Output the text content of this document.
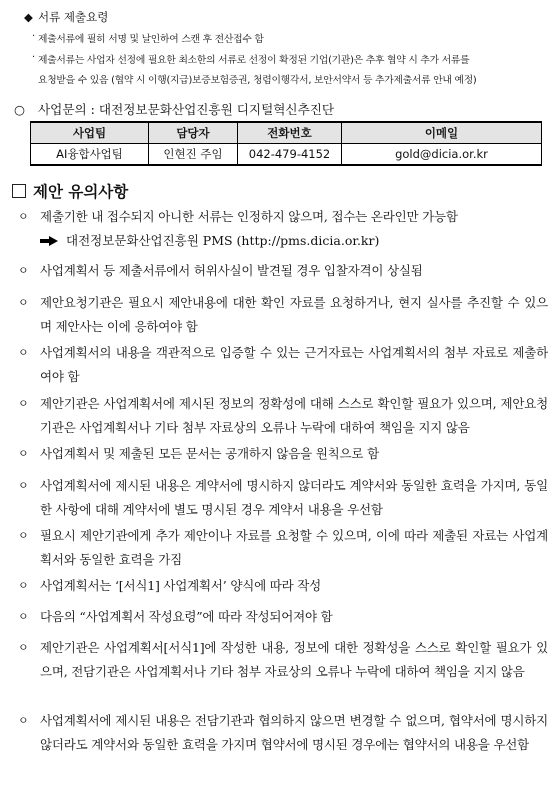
◆ 서류 제출요령
· 제출서류에 필히 서명 및 날인하여 스캔 후 전산접수 함
· 제출서류는 사업자 선정에 필요한 최소한의 서류로 선정이 확정된 기업(기관)은 추후 협약 시 추가 서류를
요청받을 수 있음 (협약 시 이행(지급)보증보험증권, 청렴이행각서, 보안서약서 등 추가제출서류 안내 예정)
○ 사업문의 : 대전정보문화산업진흥원 디지털혁신추진단
사업팀	담당자	전화번호	이메일
AI융합사업팀	인현진 주임	042-479-4152	gold@dicia.or.kr
제안 유의사항
ㅇ 제출기한 내 접수되지 아니한 서류는 인정하지 않으며, 접수는 온라인만 가능함
대전정보문화산업진흥원 PMS (http://pms.dicia.or.kr)
ㅇ 사업계획서 등 제출서류에서 허위사실이 발견될 경우 입찰자격이 상실됨
ㅇ 제안요청기관은 필요시 제안내용에 대한 확인 자료를 요청하거나, 현지 실사를 추진할 수 있으며 제안사는 이에 응하여야 함
ㅇ 사업계획서의 내용을 객관적으로 입증할 수 있는 근거자료는 사업계획서의 첨부 자료로 제출하여야 함
ㅇ 제안기관은 사업계획서에 제시된 정보의 정확성에 대해 스스로 확인할 필요가 있으며, 제안요청기관은 사업계획서나 기타 첨부 자료상의 오류나 누락에 대하여 책임을 지지 않음
ㅇ 사업계획서 및 제출된 모든 문서는 공개하지 않음을 원칙으로 함
ㅇ 사업계획서에 제시된 내용은 계약서에 명시하지 않더라도 계약서와 동일한 효력을 가지며, 동일한 사항에 대해 계약서에 별도 명시된 경우 계약서 내용을 우선함
ㅇ 필요시 제안기관에게 추가 제안이나 자료를 요청할 수 있으며, 이에 따라 제출된 자료는 사업계획서와 동일한 효력을 가짐
ㅇ 사업계획서는 ‘[서식1] 사업계획서’ 양식에 따라 작성
ㅇ 다음의 “사업계획서 작성요령”에 따라 작성되어져야 함
ㅇ 제안기관은 사업계획서[서식1]에 작성한 내용, 정보에 대한 정확성을 스스로 확인할 필요가 있으며, 전담기관은 사업계획서나 기타 첨부 자료상의 오류나 누락에 대하여 책임을 지지 않음
ㅇ 사업계획서에 제시된 내용은 전담기관과 협의하지 않으면 변경할 수 없으며, 협약서에 명시하지 않더라도 계약서와 동일한 효력을 가지며 협약서에 명시된 경우에는 협약서의 내용을 우선함
